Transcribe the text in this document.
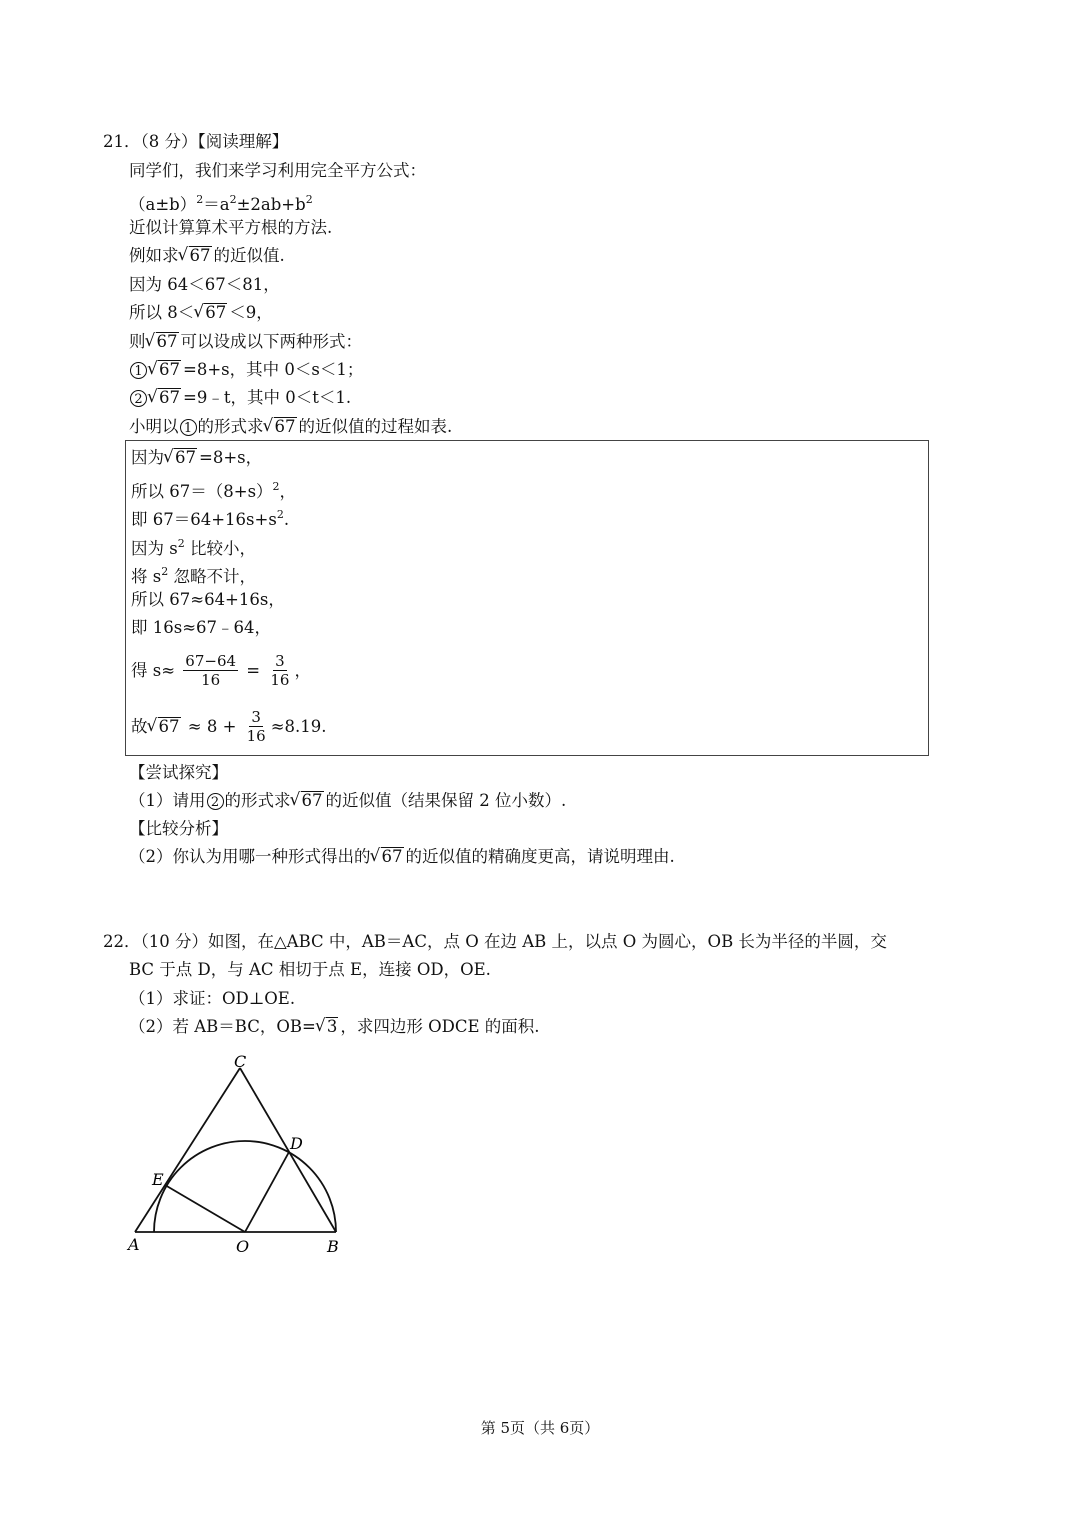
21．（8 分）【阅读理解】
同学们，我们来学习利用完全平方公式：
$(a\pm b)^2=a^2\pm 2ab+b^2$
近似计算算术平方根的方法.
例如求 √ 67 的近似值.
因为 64＜67＜81，
所以 8＜ √ 67 ＜9，
则 √ 67 可以设成以下两种形式：
1 √ 67 =8+s，其中 0＜s＜1；
2 √ 67 =9﹣t，其中 0＜t＜1.
小明以 1 的形式求 √ 67 的近似值的过程如表.
因为 √ 67 =8+s，
所以 $67=(8+s)^2$，
即 $67=64+16s+s^2$.
因为 $s^2$ 比较小，
将 $s^2$ 忽略不计，
所以 67≈64+16s，
即 16s≈67﹣64，
得 $s\approx \frac{67-64}{16} = \frac{3}{16}$ ，
故 √ $67 \approx 8 + \frac{3}{16} \approx 8.19$.
【尝试探究】
（1）请用 2 的形式求 √ 67 的近似值（结果保留 2 位小数）.
【比较分析】
（2）你认为用哪一种形式得出的 √ 67 的近似值的精确度更高，请说明理由.
22．（10 分）如图，在△ABC 中，AB＝AC，点 O 在边 AB 上，以点 O 为圆心，OB 长为半径的半圆，交
BC 于点 D，与 AC 相切于点 E，连接 OD，OE.
（1）求证：OD⊥OE.
（2）若 AB＝BC，OB= √ 3 ，求四边形 ODCE 的面积.
C
D
E
A	O	B
第 5页（共 6页）
